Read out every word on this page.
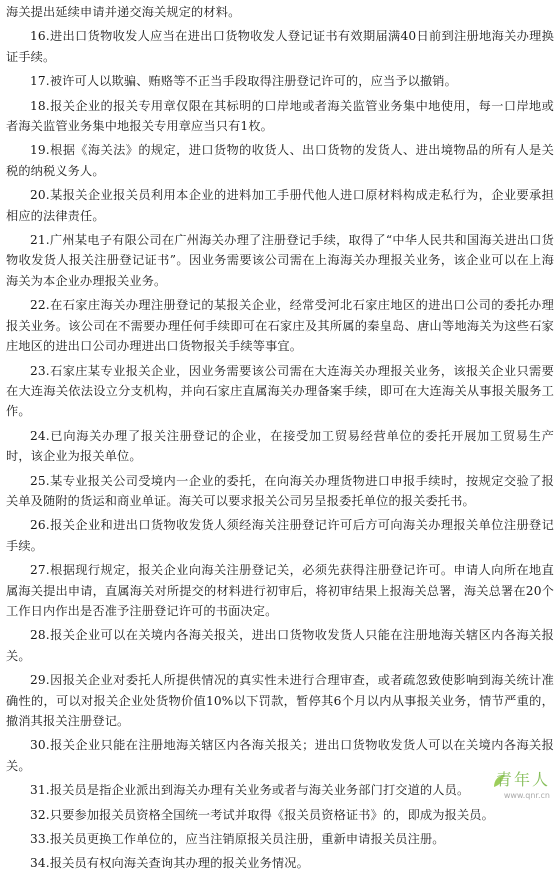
海关提出延续申请并递交海关规定的材料。

16.进出口货物收发人应当在进出口货物收发人登记证书有效期届满40日前到注册地海关办理换证手续。

17.被许可人以欺骗、贿赂等不正当手段取得注册登记许可的，应当予以撤销。

18.报关企业的报关专用章仅限在其标明的口岸地或者海关监管业务集中地使用，每一口岸地或者海关监管业务集中地报关专用章应当只有1枚。

19.根据《海关法》的规定，进口货物的收货人、出口货物的发货人、进出境物品的所有人是关税的纳税义务人。

20.某报关企业报关员利用本企业的进料加工手册代他人进口原材料构成走私行为，企业要承担相应的法律责任。

21.广州某电子有限公司在广州海关办理了注册登记手续，取得了“中华人民共和国海关进出口货物收发货人报关注册登记证书”。因业务需要该公司需在上海海关办理报关业务，该企业可以在上海海关为本企业办理报关业务。

22.在石家庄海关办理注册登记的某报关企业，经常受河北石家庄地区的进出口公司的委托办理报关业务。该公司在不需要办理任何手续即可在石家庄及其所属的秦皇岛、唐山等地海关为这些石家庄地区的进出口公司办理进出口货物报关手续等事宜。

23.石家庄某专业报关企业，因业务需要该公司需在大连海关办理报关业务，该报关企业只需要在大连海关依法设立分支机构，并向石家庄直属海关办理备案手续，即可在大连海关从事报关服务工作。

24.已向海关办理了报关注册登记的企业，在接受加工贸易经营单位的委托开展加工贸易生产时，该企业为报关单位。

25.某专业报关公司受境内一企业的委托，在向海关办理货物进口申报手续时，按规定交验了报关单及随附的货运和商业单证。海关可以要求报关公司另呈报委托单位的报关委托书。

26.报关企业和进出口货物收发货人须经海关注册登记许可后方可向海关办理报关单位注册登记手续。

27.根据现行规定，报关企业向海关注册登记关，必须先获得注册登记许可。申请人向所在地直属海关提出申请，直属海关对所提交的材料进行初审后，将初审结果上报海关总署，海关总署在20个工作日内作出是否准予注册登记许可的书面决定。

28.报关企业可以在关境内各海关报关，进出口货物收发货人只能在注册地海关辖区内各海关报关。

29.因报关企业对委托人所提供情况的真实性未进行合理审查，或者疏忽致使影响到海关统计准确性的，可以对报关企业处货物价值10%以下罚款，暂停其6个月以内从事报关业务，情节严重的，撤消其报关注册登记。

30.报关企业只能在注册地海关辖区内各海关报关；进出口货物收发货人可以在关境内各海关报关。

31.报关员是指企业派出到海关办理有关业务或者与海关业务部门打交道的人员。

32.只要参加报关员资格全国统一考试并取得《报关员资格证书》的，即成为报关员。

33.报关员更换工作单位的，应当注销原报关员注册，重新申请报关员注册。

34.报关员有权向海关查询其办理的报关业务情况。

青年人
www.qnr.cn
